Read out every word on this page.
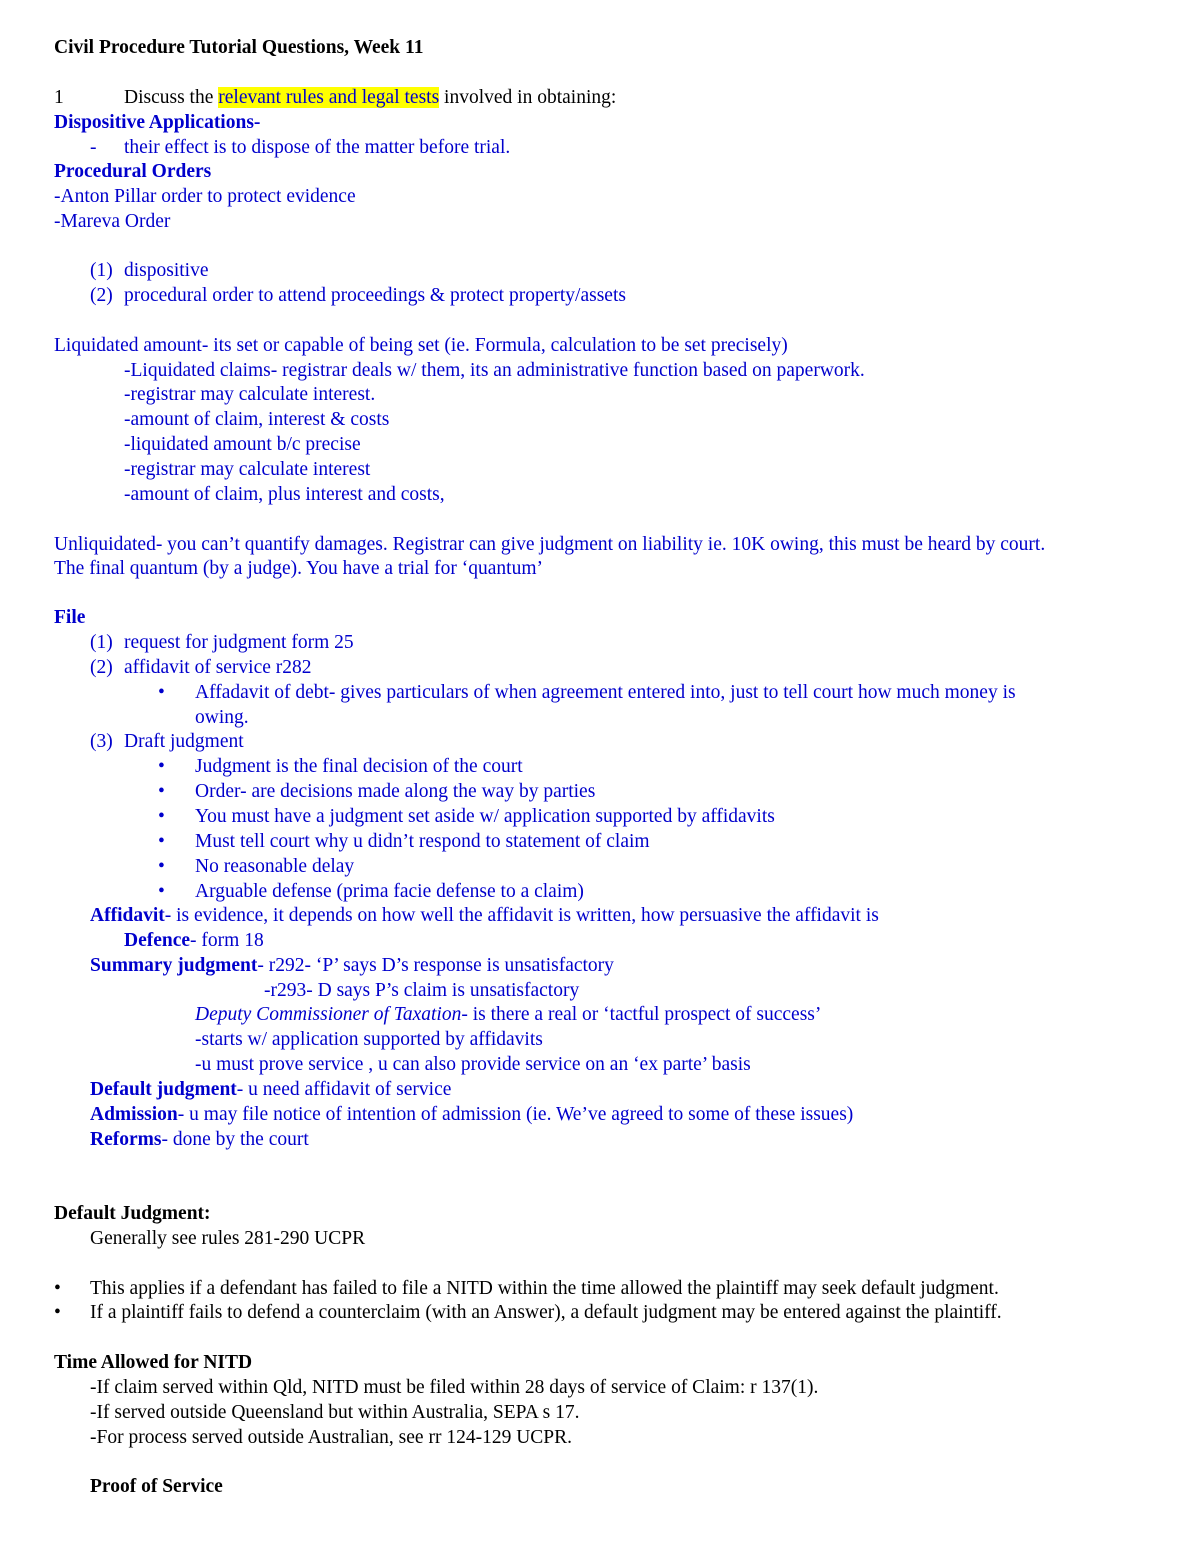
Civil Procedure Tutorial Questions, Week 11
1	Discuss the relevant rules and legal tests involved in obtaining:
Dispositive Applications-
- their effect is to dispose of the matter before trial.
Procedural Orders
-Anton Pillar order to protect evidence
-Mareva Order
(1) dispositive
(2) procedural order to attend proceedings & protect property/assets
Liquidated amount- its set or capable of being set (ie. Formula, calculation to be set precisely)
-Liquidated claims- registrar deals w/ them, its an administrative function based on paperwork.
-registrar may calculate interest.
-amount of claim, interest & costs
-liquidated amount b/c precise
-registrar may calculate interest
-amount of claim, plus interest and costs,
Unliquidated- you can’t quantify damages. Registrar can give judgment on liability ie. 10K owing, this must be heard by court.
The final quantum (by a judge). You have a trial for ‘quantum’
File
(1) request for judgment form 25
(2) affidavit of service r282
• Affadavit of debt- gives particulars of when agreement entered into, just to tell court how much money is
owing.
(3) Draft judgment
• Judgment is the final decision of the court
• Order- are decisions made along the way by parties
• You must have a judgment set aside w/ application supported by affidavits
• Must tell court why u didn’t respond to statement of claim
• No reasonable delay
• Arguable defense (prima facie defense to a claim)
Affidavit- is evidence, it depends on how well the affidavit is written, how persuasive the affidavit is
Defence- form 18
Summary judgment- r292- ‘P’ says D’s response is unsatisfactory
-r293- D says P’s claim is unsatisfactory
Deputy Commissioner of Taxation- is there a real or ‘tactful prospect of success’
-starts w/ application supported by affidavits
-u must prove service , u can also provide service on an ‘ex parte’ basis
Default judgment- u need affidavit of service
Admission- u may file notice of intention of admission (ie. We’ve agreed to some of these issues)
Reforms- done by the court
Default Judgment:
Generally see rules 281-290 UCPR
• This applies if a defendant has failed to file a NITD within the time allowed the plaintiff may seek default judgment.
• If a plaintiff fails to defend a counterclaim (with an Answer), a default judgment may be entered against the plaintiff.
Time Allowed for NITD
-If claim served within Qld, NITD must be filed within 28 days of service of Claim: r 137(1).
-If served outside Queensland but within Australia, SEPA s 17.
-For process served outside Australian, see rr 124-129 UCPR.
Proof of Service
